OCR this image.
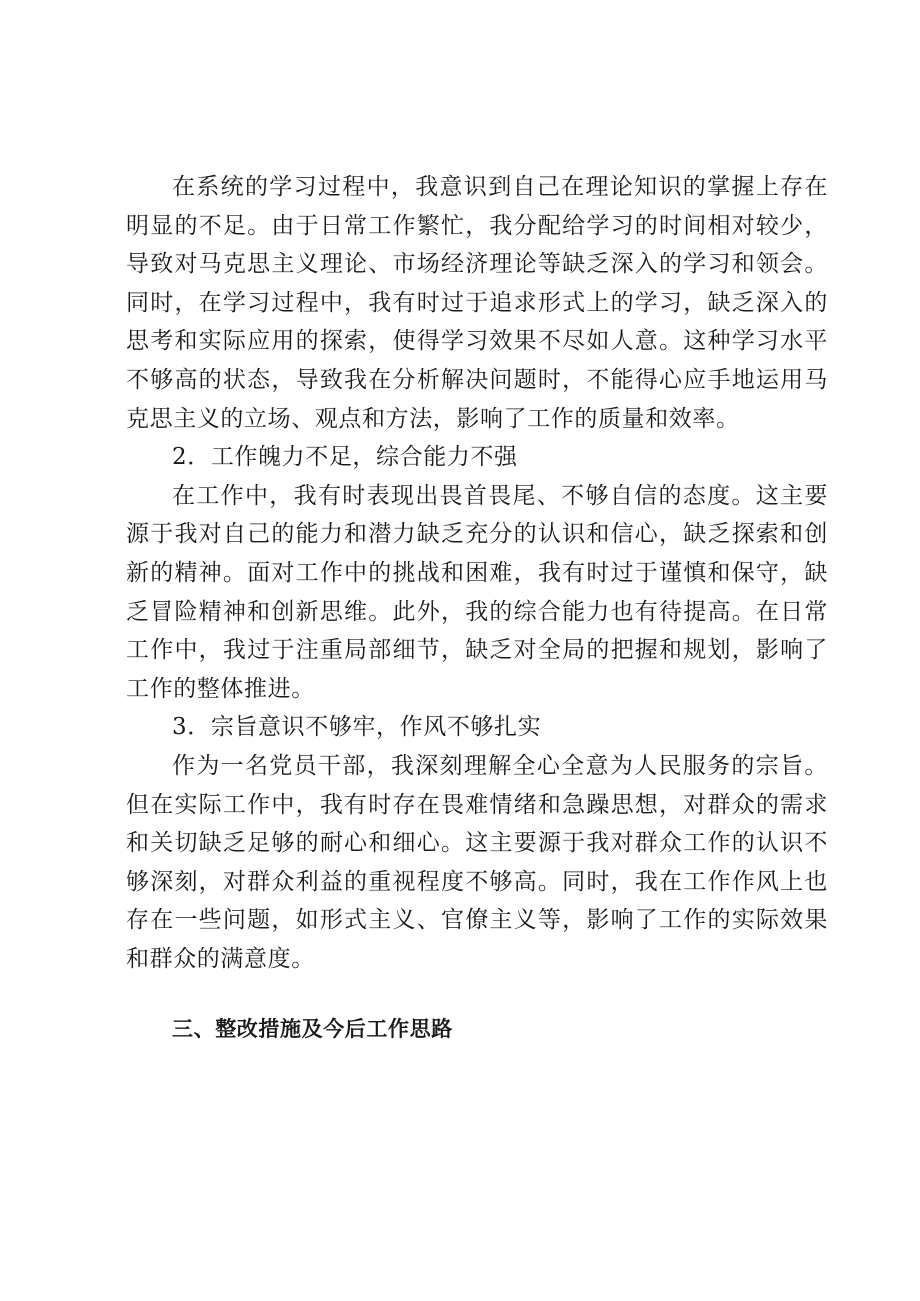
在系统的学习过程中，我意识到自己在理论知识的掌握上存在明显的不足。由于日常工作繁忙，我分配给学习的时间相对较少，导致对马克思主义理论、市场经济理论等缺乏深入的学习和领会。同时，在学习过程中，我有时过于追求形式上的学习，缺乏深入的思考和实际应用的探索，使得学习效果不尽如人意。这种学习水平不够高的状态，导致我在分析解决问题时，不能得心应手地运用马克思主义的立场、观点和方法，影响了工作的质量和效率。

2．工作魄力不足，综合能力不强

在工作中，我有时表现出畏首畏尾、不够自信的态度。这主要源于我对自己的能力和潜力缺乏充分的认识和信心，缺乏探索和创新的精神。面对工作中的挑战和困难，我有时过于谨慎和保守，缺乏冒险精神和创新思维。此外，我的综合能力也有待提高。在日常工作中，我过于注重局部细节，缺乏对全局的把握和规划，影响了工作的整体推进。

3．宗旨意识不够牢，作风不够扎实

作为一名党员干部，我深刻理解全心全意为人民服务的宗旨。但在实际工作中，我有时存在畏难情绪和急躁思想，对群众的需求和关切缺乏足够的耐心和细心。这主要源于我对群众工作的认识不够深刻，对群众利益的重视程度不够高。同时，我在工作作风上也存在一些问题，如形式主义、官僚主义等，影响了工作的实际效果和群众的满意度。

三、整改措施及今后工作思路
